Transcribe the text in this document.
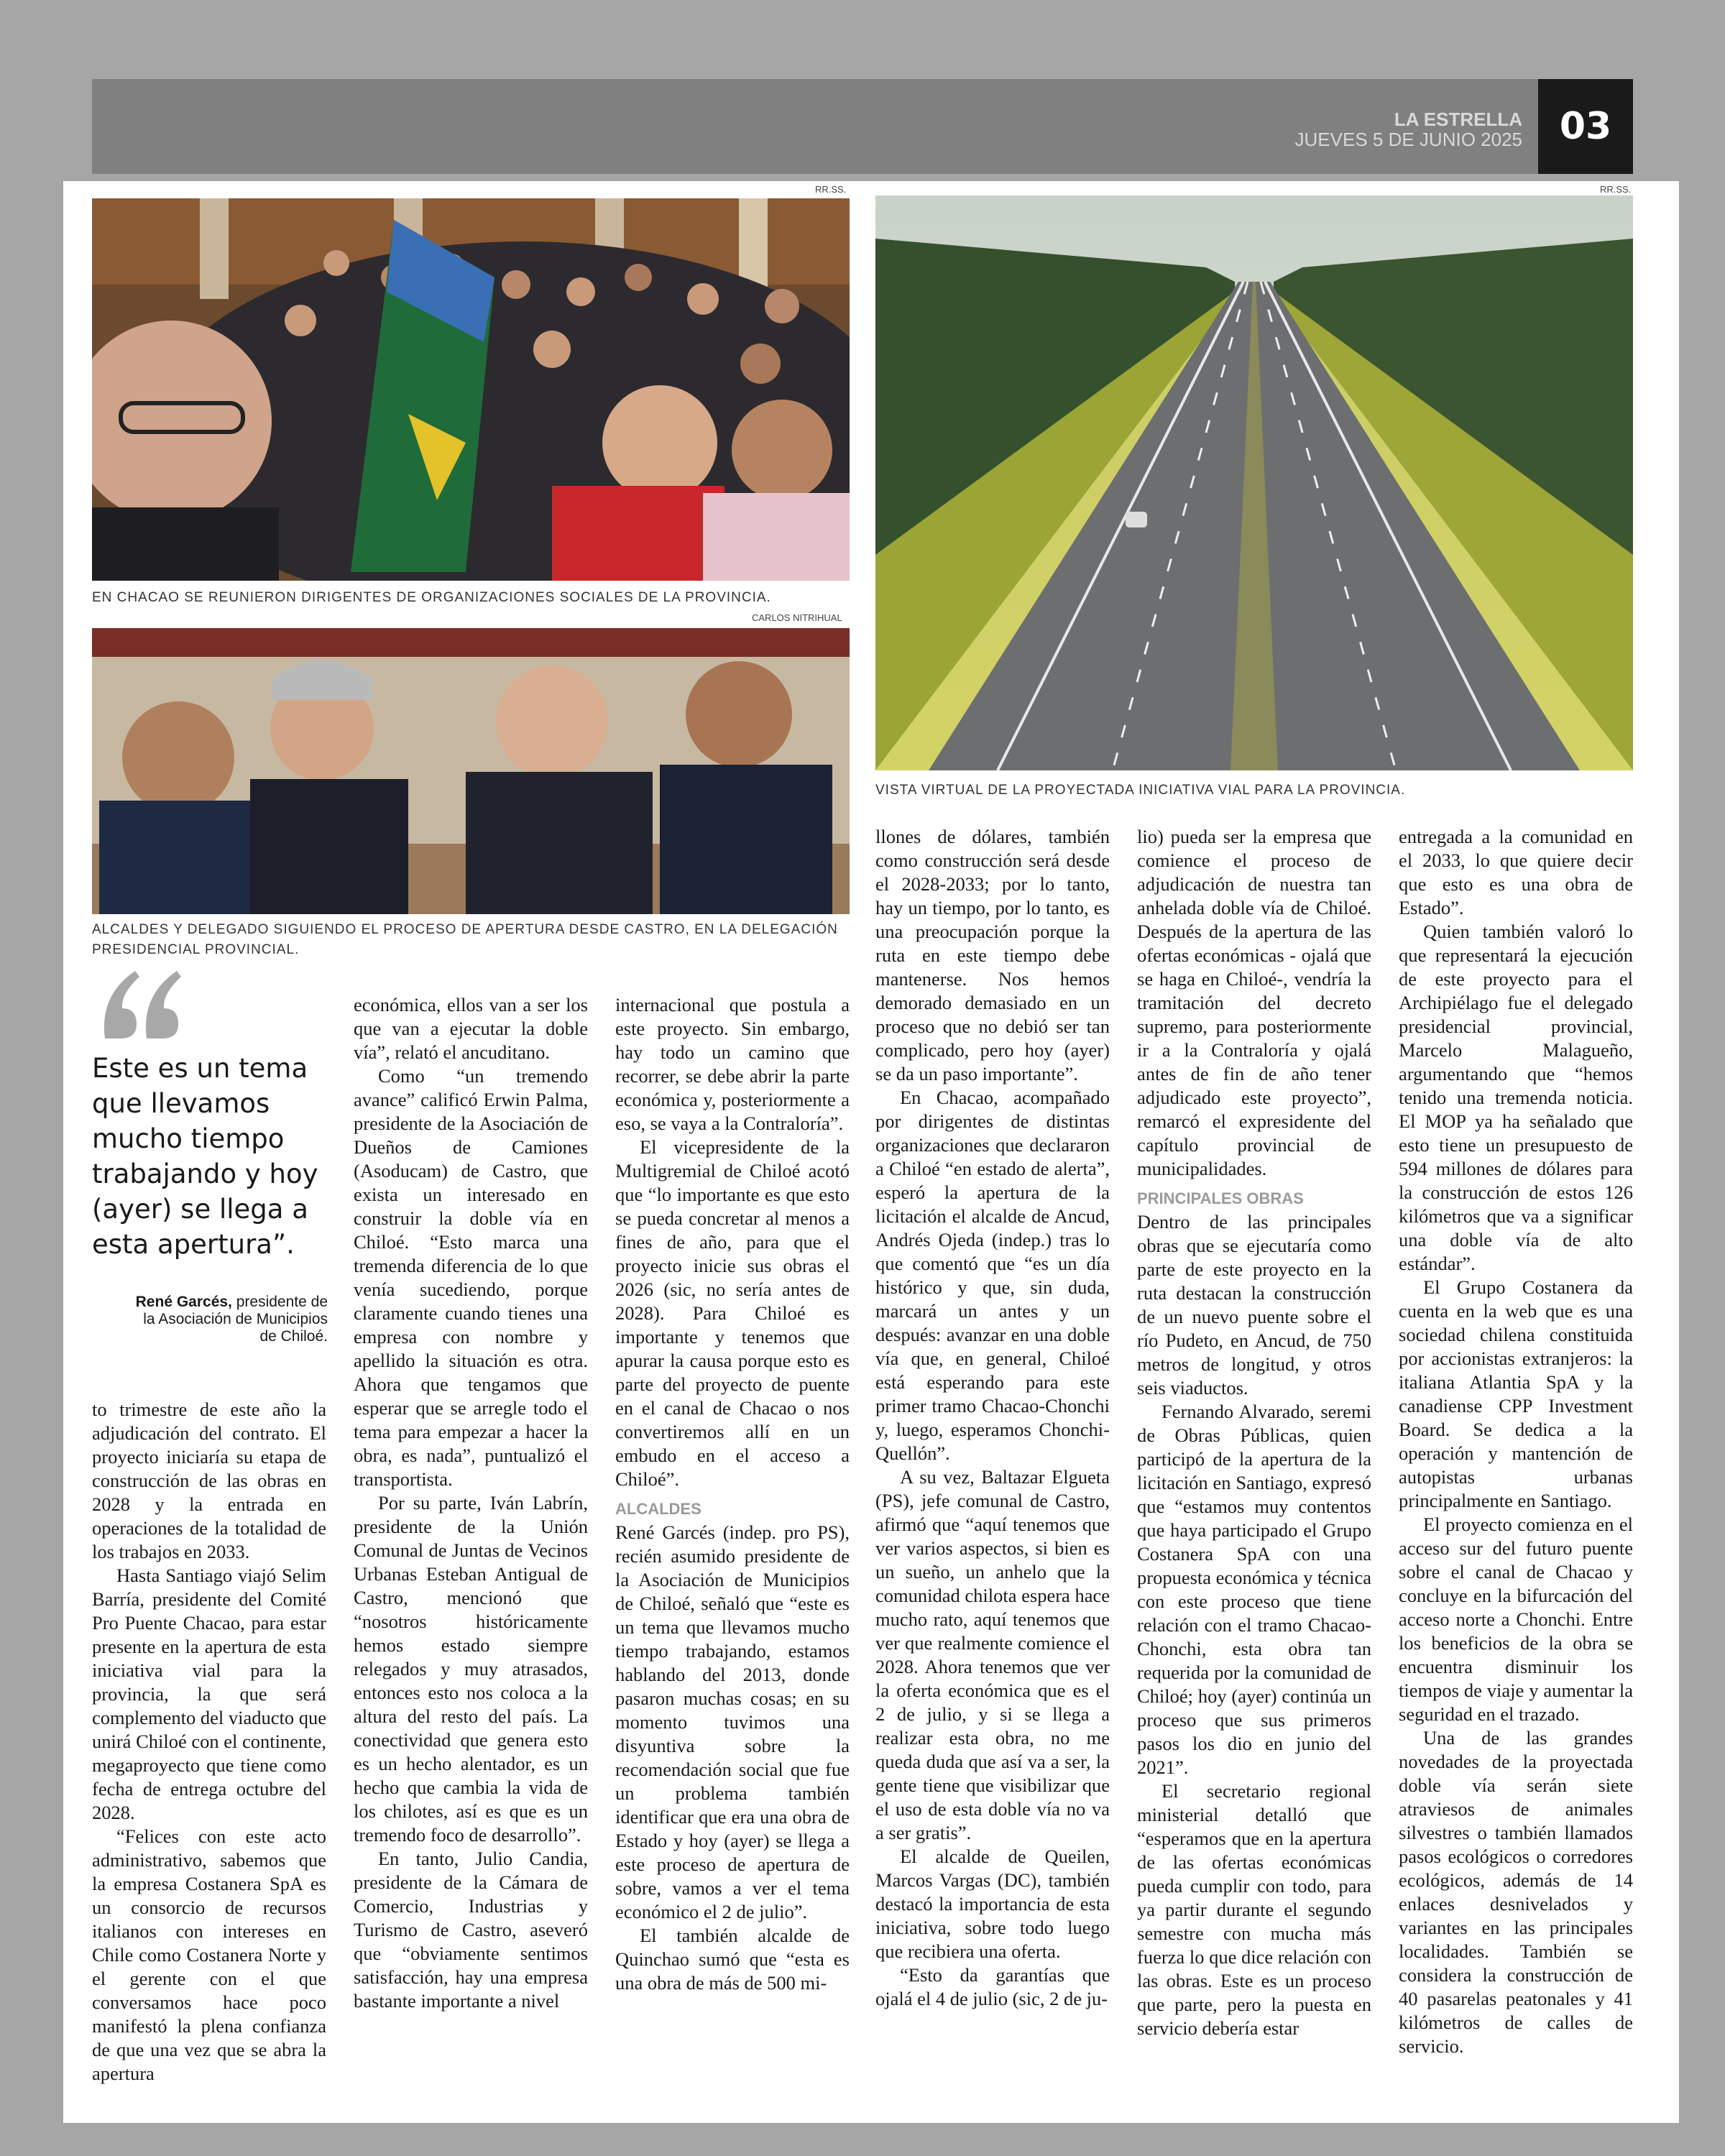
LA ESTRELLA
JUEVES 5 DE JUNIO 2025 03
RR.SS.
EN CHACAO SE REUNIERON DIRIGENTES DE ORGANIZACIONES SOCIALES DE LA PROVINCIA.
CARLOS NITRIHUAL
ALCALDES Y DELEGADO SIGUIENDO EL PROCESO DE APERTURA DESDE CASTRO, EN LA DELEGACIÓN PRESIDENCIAL PROVINCIAL.
RR.SS.
VISTA VIRTUAL DE LA PROYECTADA INICIATIVA VIAL PARA LA PROVINCIA.
Este es un tema que llevamos mucho tiempo trabajando y hoy (ayer) se llega a esta apertura”.
René Garcés, presidente de la Asociación de Municipios de Chiloé.

to trimestre de este año la adjudicación del contrato. El proyecto iniciaría su etapa de construcción de las obras en 2028 y la entrada en operaciones de la totalidad de los trabajos en 2033.

Hasta Santiago viajó Selim Barría, presidente del Comité Pro Puente Chacao, para estar presente en la apertura de esta iniciativa vial para la provincia, la que será complemento del viaducto que unirá Chiloé con el continente, megaproyecto que tiene como fecha de entrega octubre del 2028.

“Felices con este acto administrativo, sabemos que la empresa Costanera SpA es un consorcio de recursos italianos con intereses en Chile como Costanera Norte y el gerente con el que conversamos hace poco manifestó la plena confianza de que una vez que se abra la apertura

económica, ellos van a ser los que van a ejecutar la doble vía”, relató el ancuditano.

Como “un tremendo avance” calificó Erwin Palma, presidente de la Asociación de Dueños de Camiones (Asoducam) de Castro, que exista un interesado en construir la doble vía en Chiloé. “Esto marca una tremenda diferencia de lo que venía sucediendo, porque claramente cuando tienes una empresa con nombre y apellido la situación es otra. Ahora que tengamos que esperar que se arregle todo el tema para empezar a hacer la obra, es nada”, puntualizó el transportista.

Por su parte, Iván Labrín, presidente de la Unión Comunal de Juntas de Vecinos Urbanas Esteban Antigual de Castro, mencionó que “nosotros históricamente hemos estado siempre relegados y muy atrasados, entonces esto nos coloca a la altura del resto del país. La conectividad que genera esto es un hecho alentador, es un hecho que cambia la vida de los chilotes, así es que es un tremendo foco de desarrollo”.

En tanto, Julio Candia, presidente de la Cámara de Comercio, Industrias y Turismo de Castro, aseveró que “obviamente sentimos satisfacción, hay una empresa bastante importante a nivel

internacional que postula a este proyecto. Sin embargo, hay todo un camino que recorrer, se debe abrir la parte económica y, posteriormente a eso, se vaya a la Contraloría”.

El vicepresidente de la Multigremial de Chiloé acotó que “lo importante es que esto se pueda concretar al menos a fines de año, para que el proyecto inicie sus obras el 2026 (sic, no sería antes de 2028). Para Chiloé es importante y tenemos que apurar la causa porque esto es parte del proyecto de puente en el canal de Chacao o nos convertiremos allí en un embudo en el acceso a Chiloé”.

ALCALDES

René Garcés (indep. pro PS), recién asumido presidente de la Asociación de Municipios de Chiloé, señaló que “este es un tema que llevamos mucho tiempo trabajando, estamos hablando del 2013, donde pasaron muchas cosas; en su momento tuvimos una disyuntiva sobre la recomendación social que fue un problema también identificar que era una obra de Estado y hoy (ayer) se llega a este proceso de apertura de sobre, vamos a ver el tema económico el 2 de julio”.

El también alcalde de Quinchao sumó que “esta es una obra de más de 500 mi-

llones de dólares, también como construcción será desde el 2028-2033; por lo tanto, hay un tiempo, por lo tanto, es una preocupación porque la ruta en este tiempo debe mantenerse. Nos hemos demorado demasiado en un proceso que no debió ser tan complicado, pero hoy (ayer) se da un paso importante”.

En Chacao, acompañado por dirigentes de distintas organizaciones que declararon a Chiloé “en estado de alerta”, esperó la apertura de la licitación el alcalde de Ancud, Andrés Ojeda (indep.) tras lo que comentó que “es un día histórico y que, sin duda, marcará un antes y un después: avanzar en una doble vía que, en general, Chiloé está esperando para este primer tramo Chacao-Chonchi y, luego, esperamos Chonchi-Quellón”.

A su vez, Baltazar Elgueta (PS), jefe comunal de Castro, afirmó que “aquí tenemos que ver varios aspectos, si bien es un sueño, un anhelo que la comunidad chilota espera hace mucho rato, aquí tenemos que ver que realmente comience el 2028. Ahora tenemos que ver la oferta económica que es el 2 de julio, y si se llega a realizar esta obra, no me queda duda que así va a ser, la gente tiene que visibilizar que el uso de esta doble vía no va a ser gratis”.

El alcalde de Queilen, Marcos Vargas (DC), también destacó la importancia de esta iniciativa, sobre todo luego que recibiera una oferta.

“Esto da garantías que ojalá el 4 de julio (sic, 2 de ju-

lio) pueda ser la empresa que comience el proceso de adjudicación de nuestra tan anhelada doble vía de Chiloé. Después de la apertura de las ofertas económicas - ojalá que se haga en Chiloé-, vendría la tramitación del decreto supremo, para posteriormente ir a la Contraloría y ojalá antes de fin de año tener adjudicado este proyecto”, remarcó el expresidente del capítulo provincial de municipalidades.

PRINCIPALES OBRAS

Dentro de las principales obras que se ejecutaría como parte de este proyecto en la ruta destacan la construcción de un nuevo puente sobre el río Pudeto, en Ancud, de 750 metros de longitud, y otros seis viaductos.

Fernando Alvarado, seremi de Obras Públicas, quien participó de la apertura de la licitación en Santiago, expresó que “estamos muy contentos que haya participado el Grupo Costanera SpA con una propuesta económica y técnica con este proceso que tiene relación con el tramo Chacao-Chonchi, esta obra tan requerida por la comunidad de Chiloé; hoy (ayer) continúa un proceso que sus primeros pasos los dio en junio del 2021”.

El secretario regional ministerial detalló que “esperamos que en la apertura de las ofertas económicas pueda cumplir con todo, para ya partir durante el segundo semestre con mucha más fuerza lo que dice relación con las obras. Este es un proceso que parte, pero la puesta en servicio debería estar

entregada a la comunidad en el 2033, lo que quiere decir que esto es una obra de Estado”.

Quien también valoró lo que representará la ejecución de este proyecto para el Archipiélago fue el delegado presidencial provincial, Marcelo Malagueño, argumentando que “hemos tenido una tremenda noticia. El MOP ya ha señalado que esto tiene un presupuesto de 594 millones de dólares para la construcción de estos 126 kilómetros que va a significar una doble vía de alto estándar”.

El Grupo Costanera da cuenta en la web que es una sociedad chilena constituida por accionistas extranjeros: la italiana Atlantia SpA y la canadiense CPP Investment Board. Se dedica a la operación y mantención de autopistas urbanas principalmente en Santiago.

El proyecto comienza en el acceso sur del futuro puente sobre el canal de Chacao y concluye en la bifurcación del acceso norte a Chonchi. Entre los beneficios de la obra se encuentra disminuir los tiempos de viaje y aumentar la seguridad en el trazado.

Una de las grandes novedades de la proyectada doble vía serán siete atraviesos de animales silvestres o también llamados pasos ecológicos o corredores ecológicos, además de 14 enlaces desnivelados y variantes en las principales localidades. También se considera la construcción de 40 pasarelas peatonales y 41 kilómetros de calles de servicio.
